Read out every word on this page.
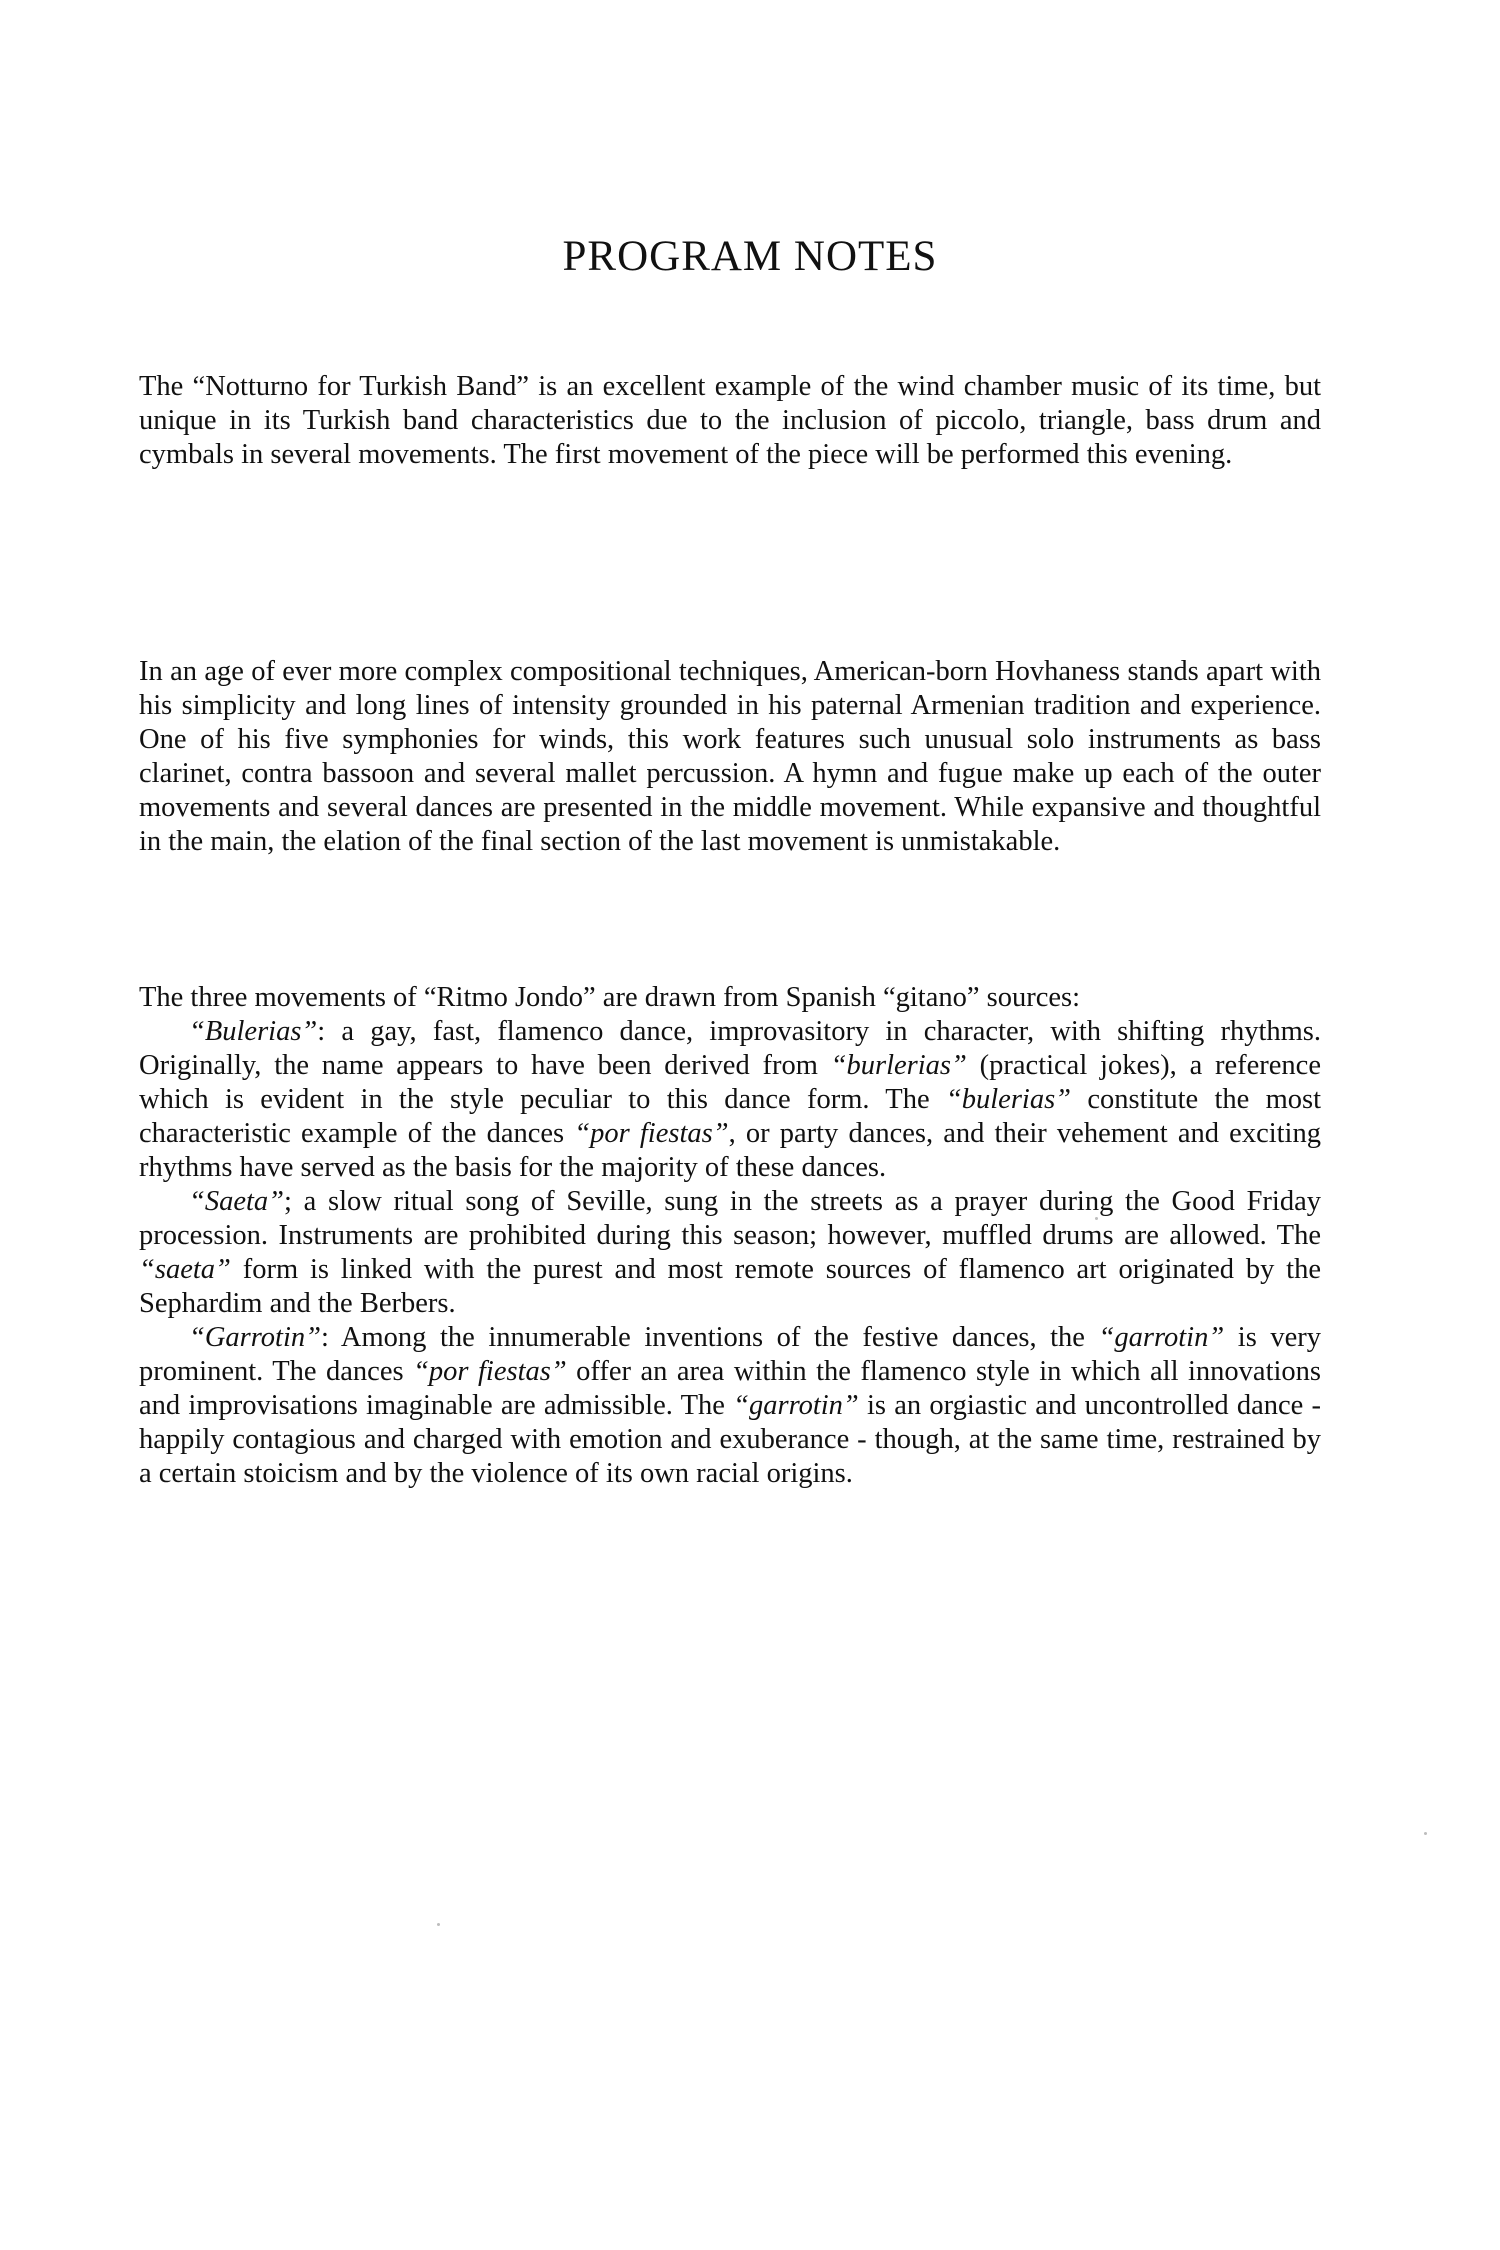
PROGRAM NOTES

The “Notturno for Turkish Band” is an excellent example of the wind chamber music of its time, but unique in its Turkish band characteristics due to the inclusion of piccolo, triangle, bass drum and cymbals in several movements. The first movement of the piece will be performed this evening.

In an age of ever more complex compositional techniques, American-born Hovhaness stands apart with his simplicity and long lines of intensity grounded in his paternal Armenian tradition and experience. One of his five symphonies for winds, this work features such unusual solo instruments as bass clarinet, contra bassoon and several mallet percussion. A hymn and fugue make up each of the outer movements and several dances are presented in the middle movement. While expansive and thoughtful in the main, the elation of the final section of the last movement is unmistakable.

The three movements of “Ritmo Jondo” are drawn from Spanish “gitano” sources:
“Bulerias”: a gay, fast, flamenco dance, improvasitory in character, with shifting rhythms. Originally, the name appears to have been derived from “burlerias” (practical jokes), a reference which is evident in the style peculiar to this dance form. The “bulerias” constitute the most characteristic example of the dances “por fiestas”, or party dances, and their vehement and exciting rhythms have served as the basis for the majority of these dances.
“Saeta”; a slow ritual song of Seville, sung in the streets as a prayer during the Good Friday procession. Instruments are prohibited during this season; however, muffled drums are allowed. The “saeta” form is linked with the purest and most remote sources of flamenco art originated by the Sephardim and the Berbers.
“Garrotin”: Among the innumerable inventions of the festive dances, the “garrotin” is very prominent. The dances “por fiestas” offer an area within the flamenco style in which all innovations and improvisations imaginable are admissible. The “garrotin” is an orgiastic and uncontrolled dance - happily contagious and charged with emotion and exuberance - though, at the same time, restrained by a certain stoicism and by the violence of its own racial origins.
